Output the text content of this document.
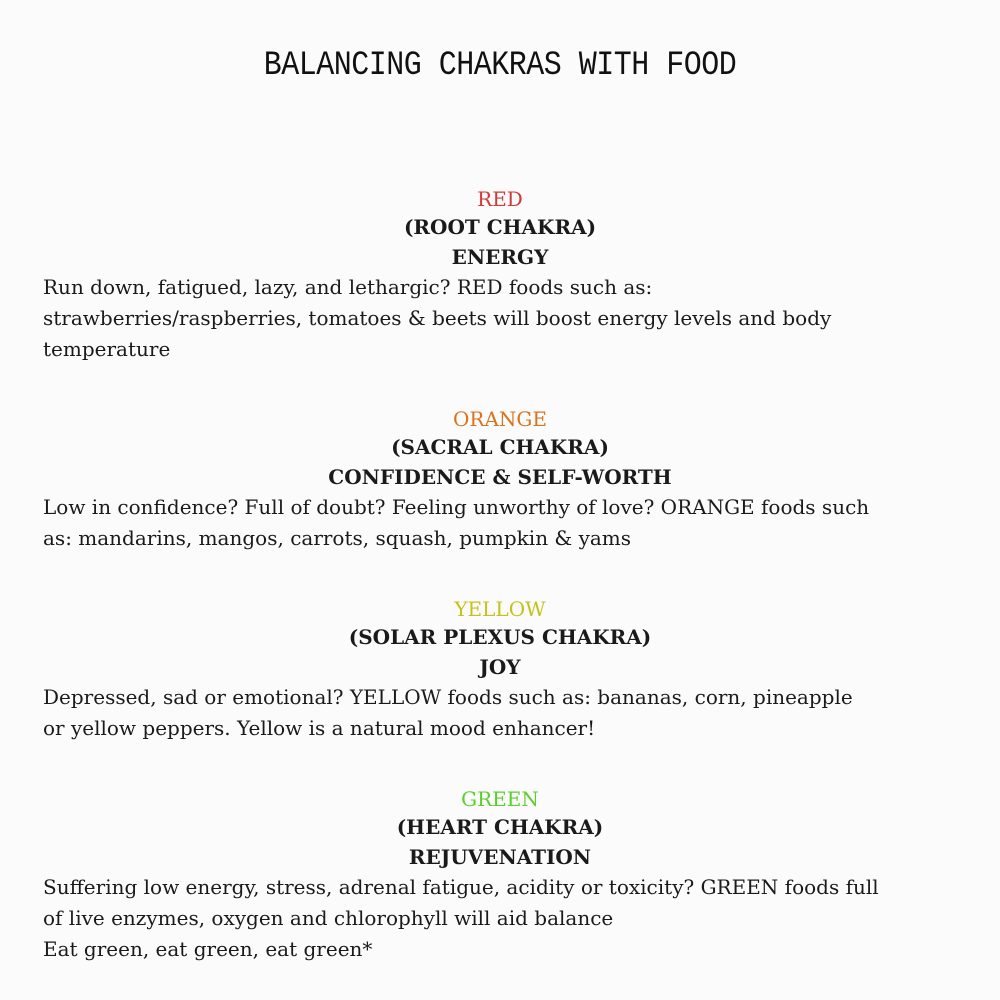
BALANCING CHAKRAS WITH FOOD
RED
(ROOT CHAKRA)
ENERGY

Run down, fatigued, lazy, and lethargic? RED foods such as:

strawberries/raspberries, tomatoes & beets will boost energy levels and body

temperature

ORANGE
(SACRAL CHAKRA)
CONFIDENCE & SELF-WORTH

Low in confidence? Full of doubt? Feeling unworthy of love? ORANGE foods such

as: mandarins, mangos, carrots, squash, pumpkin & yams

YELLOW
(SOLAR PLEXUS CHAKRA)
JOY

Depressed, sad or emotional? YELLOW foods such as: bananas, corn, pineapple

or yellow peppers. Yellow is a natural mood enhancer!

GREEN
(HEART CHAKRA)
REJUVENATION

Suffering low energy, stress, adrenal fatigue, acidity or toxicity? GREEN foods full

of live enzymes, oxygen and chlorophyll will aid balance

Eat green, eat green, eat green*
